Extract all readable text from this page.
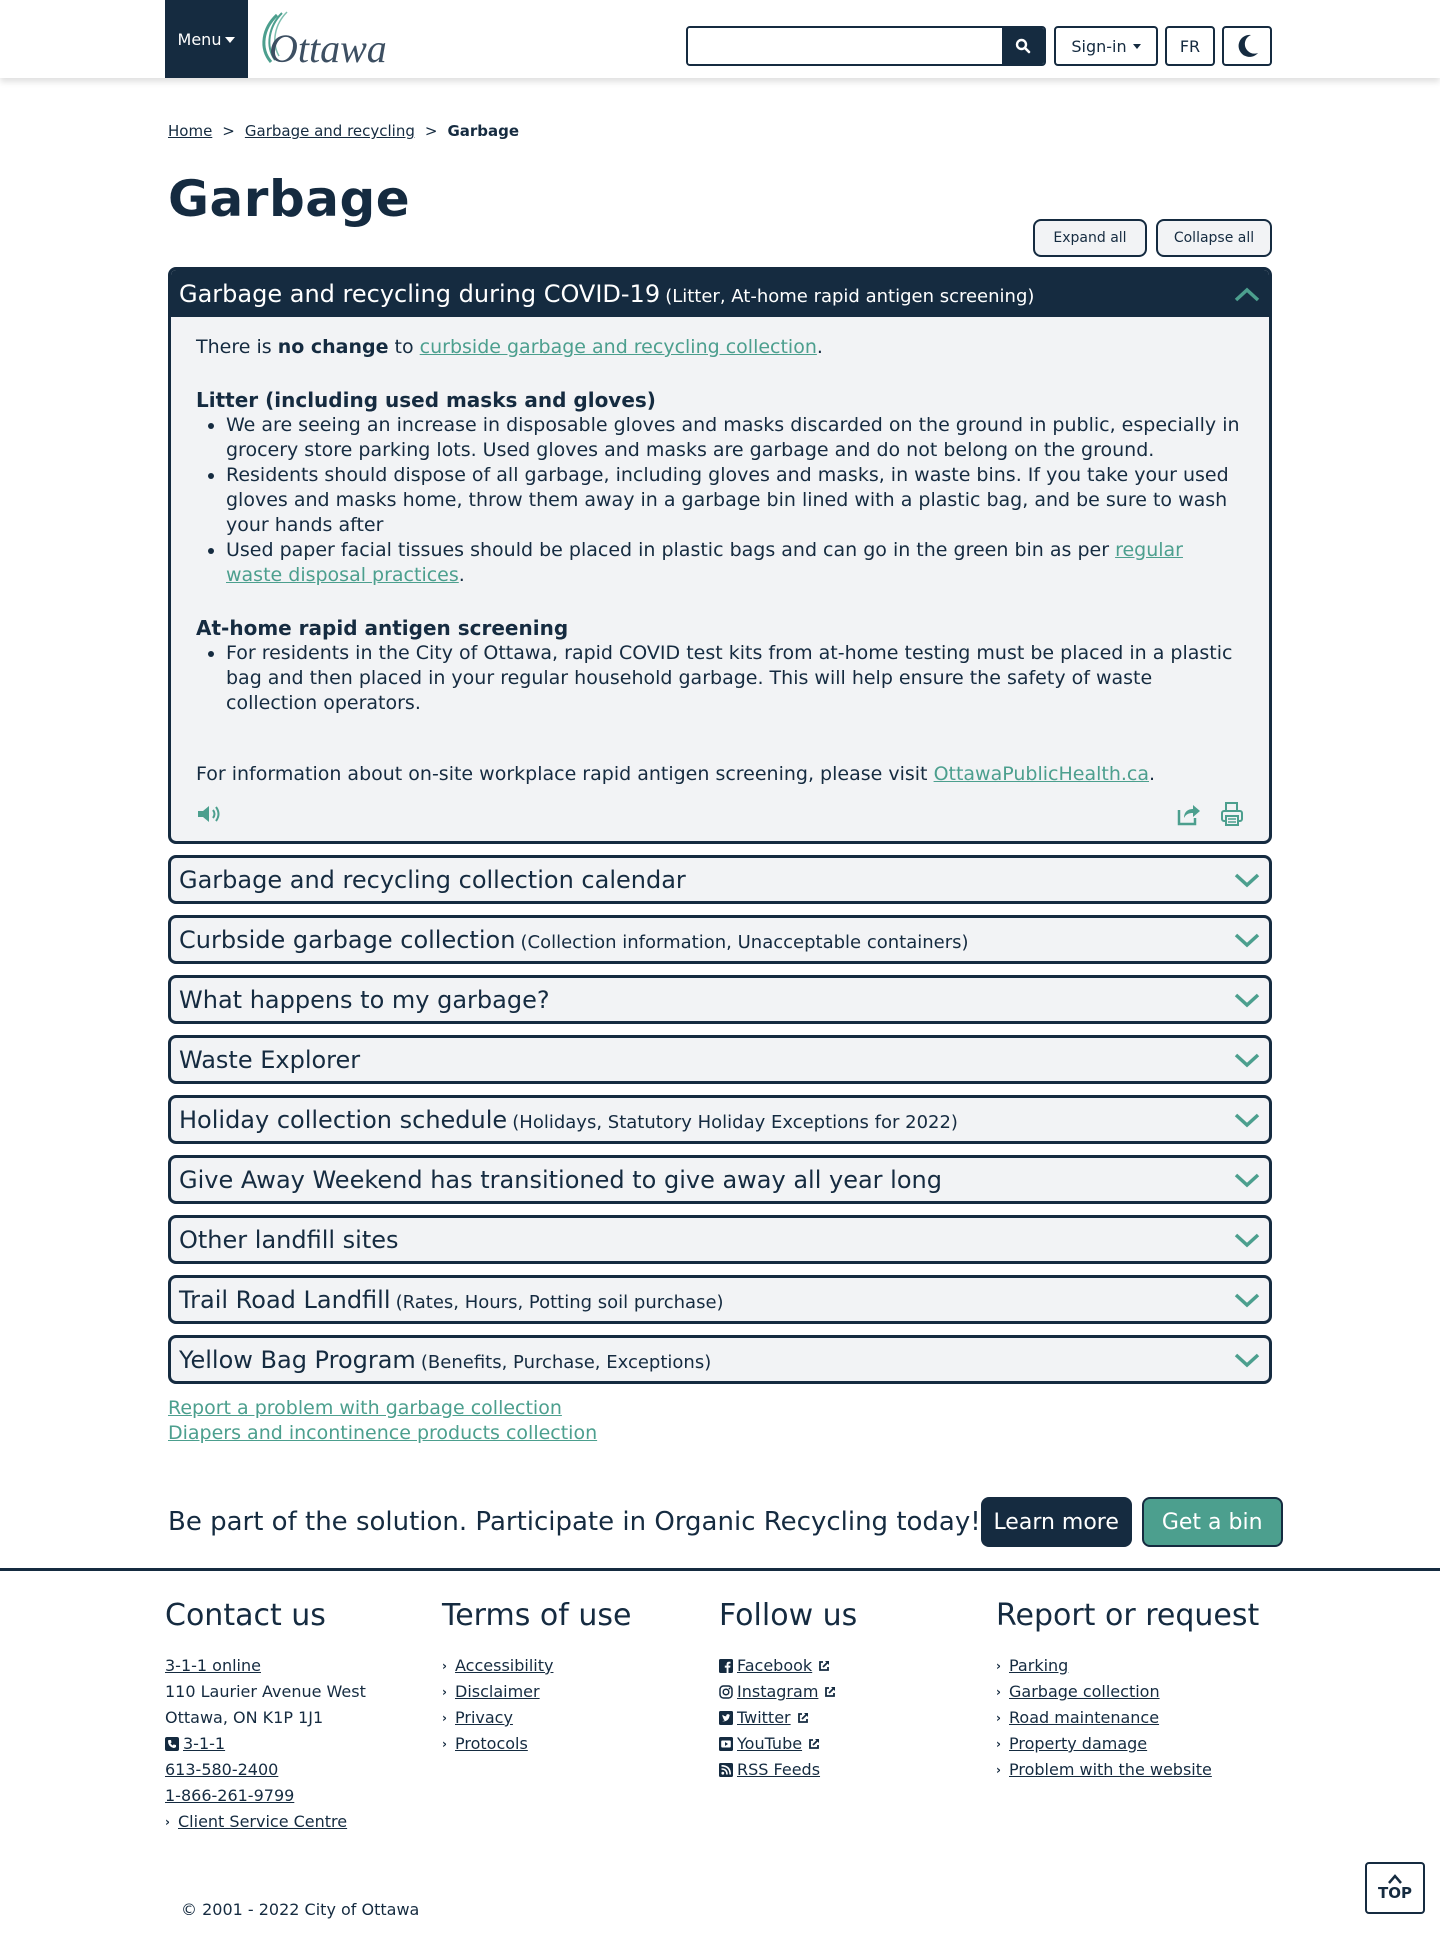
Menu Ottawa	Sign-in	FR
Home > Garbage and recycling > Garbage
Garbage
Expand all	Collapse all
Garbage and recycling during COVID-19 (Litter, At-home rapid antigen screening)

There is no change to curbside garbage and recycling collection.

Litter (including used masks and gloves)
• We are seeing an increase in disposable gloves and masks discarded on the ground in public, especially in grocery store parking lots. Used gloves and masks are garbage and do not belong on the ground.
• Residents should dispose of all garbage, including gloves and masks, in waste bins. If you take your used gloves and masks home, throw them away in a garbage bin lined with a plastic bag, and be sure to wash your hands after
• Used paper facial tissues should be placed in plastic bags and can go in the green bin as per regular waste disposal practices.
At-home rapid antigen screening
• For residents in the City of Ottawa, rapid COVID test kits from at-home testing must be placed in a plastic bag and then placed in your regular household garbage. This will help ensure the safety of waste collection operators.

For information about on-site workplace rapid antigen screening, please visit OttawaPublicHealth.ca.

Garbage and recycling collection calendar
Curbside garbage collection (Collection information, Unacceptable containers)
What happens to my garbage?
Waste Explorer
Holiday collection schedule (Holidays, Statutory Holiday Exceptions for 2022)
Give Away Weekend has transitioned to give away all year long
Other landfill sites
Trail Road Landfill (Rates, Hours, Potting soil purchase)
Yellow Bag Program (Benefits, Purchase, Exceptions)
Report a problem with garbage collection
Diapers and incontinence products collection
Be part of the solution. Participate in Organic Recycling today! Learn more	Get a bin
Contact us
3-1-1 online
110 Laurier Avenue West
Ottawa, ON K1P 1J1
3-1-1
613-580-2400
1-866-261-9799
› Client Service Centre
Terms of use
› Accessibility
› Disclaimer
› Privacy
› Protocols
Follow us
Facebook
Instagram
Twitter
YouTube
RSS Feeds
Report or request
› Parking
› Garbage collection
› Road maintenance
› Property damage
› Problem with the website
© 2001 - 2022 City of Ottawa
TOP
